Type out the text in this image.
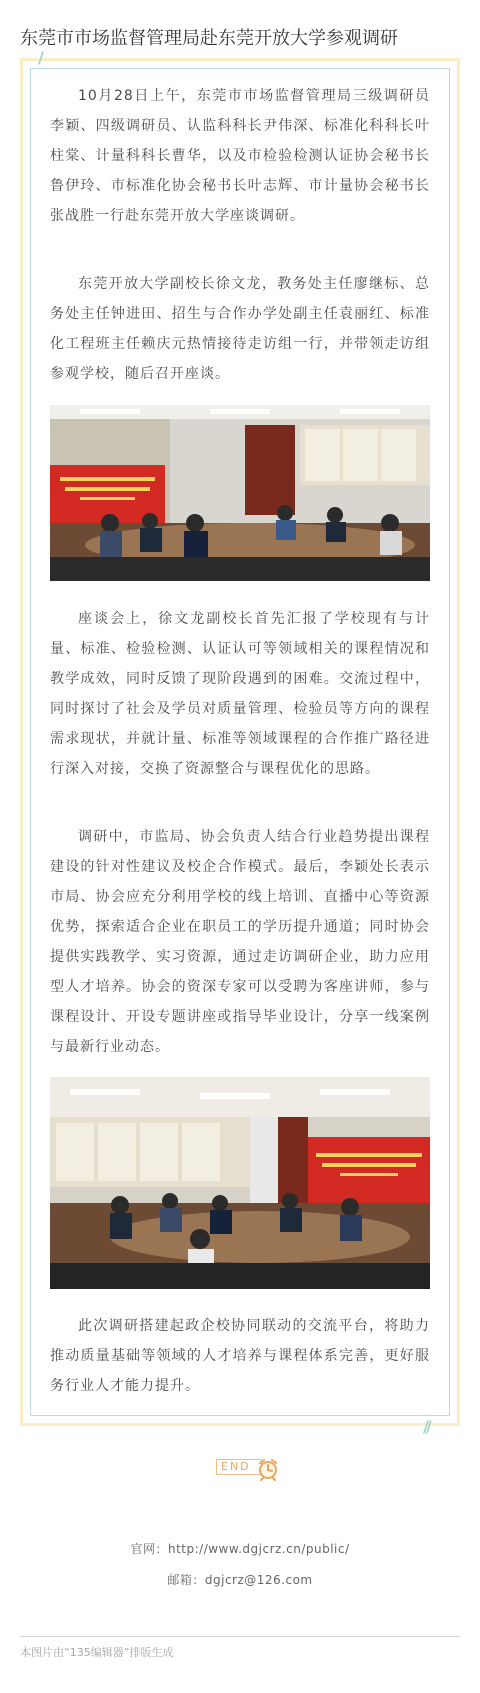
东莞市市场监督管理局赴东莞开放大学参观调研
/
//

10月28日上午，东莞市市场监督管理局三级调研员李颖、四级调研员、认监科科长尹伟深、标准化科科长叶柱棠、计量科科长曹华，以及市检验检测认证协会秘书长鲁伊玲、市标准化协会秘书长叶志辉、市计量协会秘书长张战胜一行赴东莞开放大学座谈调研。

东莞开放大学副校长徐文龙，教务处主任廖继标、总务处主任钟进田、招生与合作办学处副主任袁丽红、标准化工程班主任赖庆元热情接待走访组一行，并带领走访组参观学校，随后召开座谈。

座谈会上，徐文龙副校长首先汇报了学校现有与计量、标准、检验检测、认证认可等领域相关的课程情况和教学成效，同时反馈了现阶段遇到的困难。交流过程中，同时探讨了社会及学员对质量管理、检验员等方向的课程需求现状，并就计量、标准等领域课程的合作推广路径进行深入对接，交换了资源整合与课程优化的思路。

调研中，市监局、协会负责人结合行业趋势提出课程建设的针对性建议及校企合作模式。最后，李颖处长表示市局、协会应充分利用学校的线上培训、直播中心等资源优势，探索适合企业在职员工的学历提升通道；同时协会提供实践教学、实习资源，通过走访调研企业，助力应用型人才培养。协会的资深专家可以受聘为客座讲师，参与课程设计、开设专题讲座或指导毕业设计，分享一线案例与最新行业动态。

此次调研搭建起政企校协同联动的交流平台，将助力推动质量基础等领域的人才培养与课程体系完善，更好服务行业人才能力提升。

END
官网：http://www.dgjcrz.cn/public/
邮箱：dgjcrz@126.com
本图片由“135编辑器”排版生成
